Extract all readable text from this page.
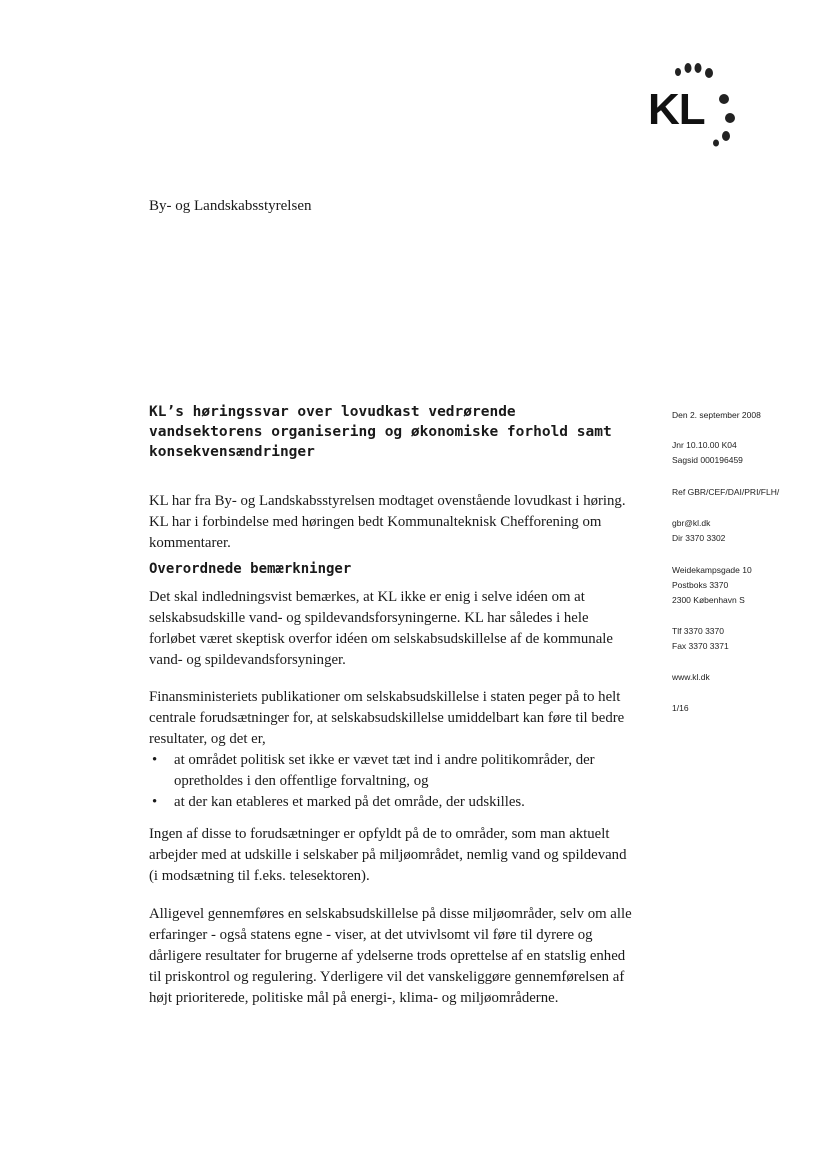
KL
By- og Landskabsstyrelsen
KL’s høringssvar over lovudkast vedrørende vandsektorens organisering og økonomiske forhold samt konsekvensændringer

KL har fra By- og Landskabsstyrelsen modtaget ovenstående lovudkast i høring. KL har i forbindelse med høringen bedt Kommunalteknisk Chefforening om kommentarer.

Overordnede bemærkninger

Det skal indledningsvist bemærkes, at KL ikke er enig i selve idéen om at selskabsudskille vand- og spildevandsforsyningerne. KL har således i hele forløbet været skeptisk overfor idéen om selskabsudskillelse af de kommunale vand- og spildevandsforsyninger.

Finansministeriets publikationer om selskabsudskillelse i staten peger på to helt centrale forudsætninger for, at selskabsudskillelse umiddelbart kan føre til bedre resultater, og det er,

• at området politisk set ikke er vævet tæt ind i andre politikområder, der opretholdes i den offentlige forvaltning, og
• at der kan etableres et marked på det område, der udskilles.

Ingen af disse to forudsætninger er opfyldt på de to områder, som man aktuelt arbejder med at udskille i selskaber på miljøområdet, nemlig vand og spildevand (i modsætning til f.eks. telesektoren).

Alligevel gennemføres en selskabsudskillelse på disse miljøområder, selv om alle erfaringer - også statens egne - viser, at det utvivlsomt vil føre til dyrere og dårligere resultater for brugerne af ydelserne trods oprettelse af en statslig enhed til priskontrol og regulering. Yderligere vil det vanskeliggøre gennemførelsen af højt prioriterede, politiske mål på energi-, klima- og miljøområderne.

Den 2. september 2008

Jnr 10.10.00 K04

Sagsid 000196459

Ref GBR/CEF/DAI/PRI/FLH/

gbr@kl.dk

Dir 3370 3302

Weidekampsgade 10

Postboks 3370

2300 København S

Tlf 3370 3370

Fax 3370 3371

www.kl.dk

1/16
